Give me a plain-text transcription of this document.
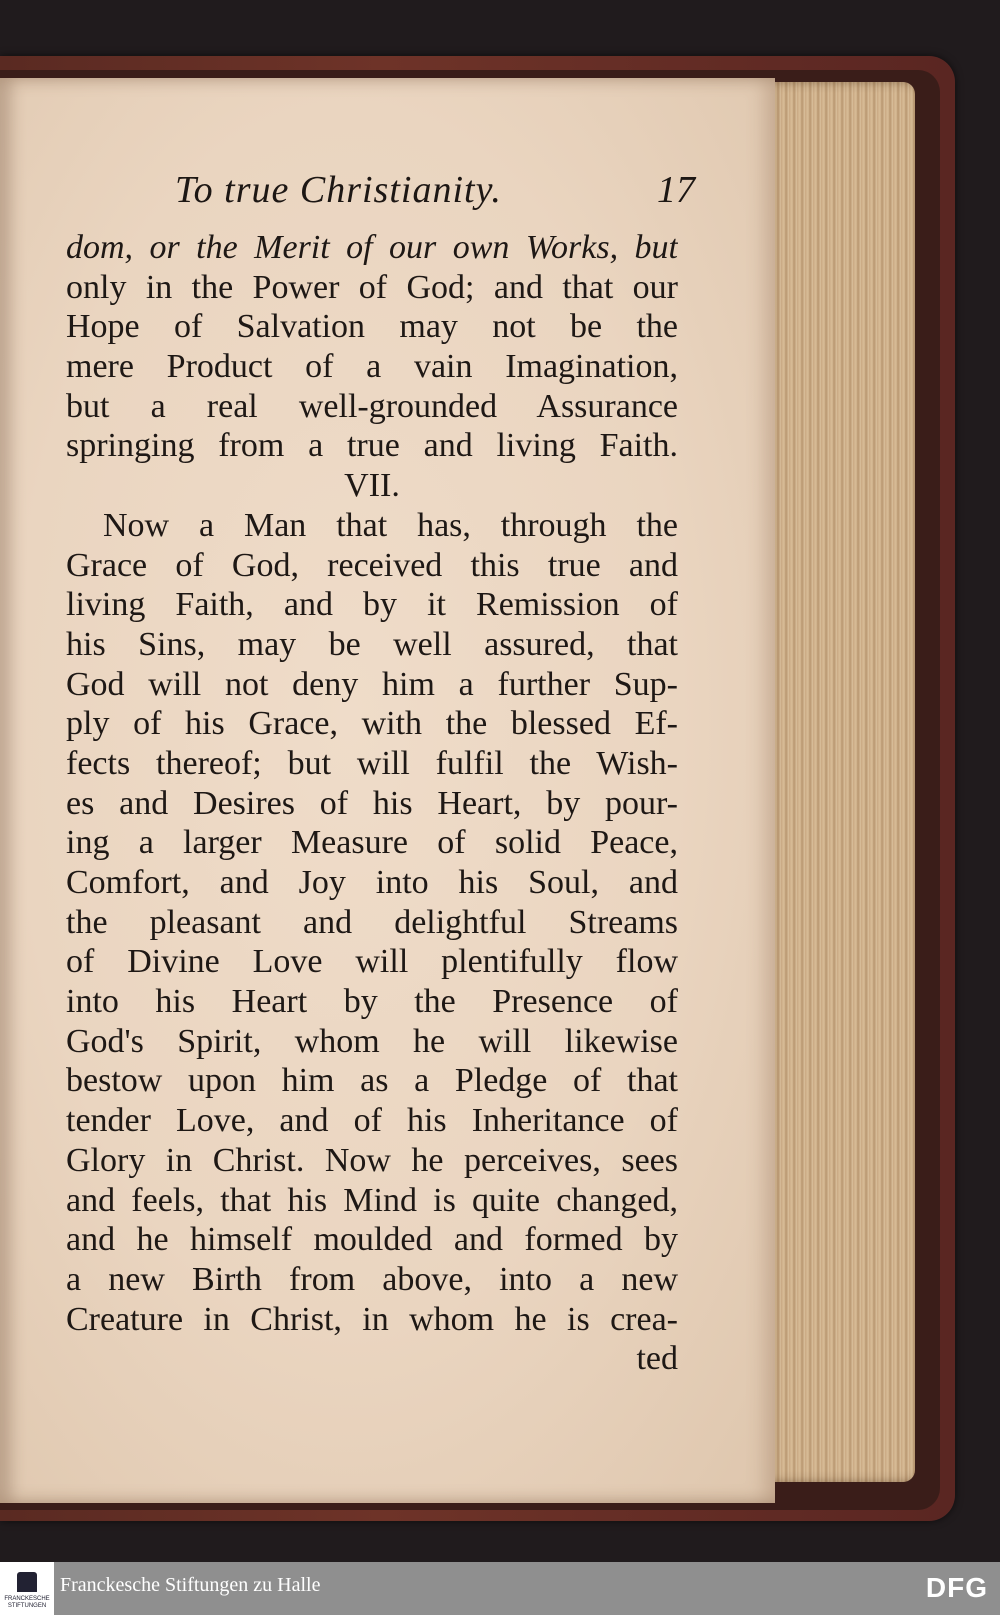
To true Christianity.	17
dom, or the Merit of our own Works, but
only in the Power of God; and that our
Hope of Salvation may not be the
mere Product of a vain Imagination,
but a real well-grounded Assurance
springing from a true and living Faith.
VII.
Now a Man that has, through the
Grace of God, received this true and
living Faith, and by it Remission of
his Sins, may be well assured, that
God will not deny him a further Sup-
ply of his Grace, with the blessed Ef-
fects thereof; but will fulfil the Wish-
es and Desires of his Heart, by pour-
ing a larger Measure of solid Peace,
Comfort, and Joy into his Soul, and
the pleasant and delightful Streams
of Divine Love will plentifully flow
into his Heart by the Presence of
God's Spirit, whom he will likewise
bestow upon him as a Pledge of that
tender Love, and of his Inheritance of
Glory in Christ. Now he perceives, sees
and feels, that his Mind is quite changed,
and he himself moulded and formed by
a new Birth from above, into a new
Creature in Christ, in whom he is crea-
ted
FRANCKESCHE STIFTUNGEN
Franckesche Stiftungen zu Halle	DFG
